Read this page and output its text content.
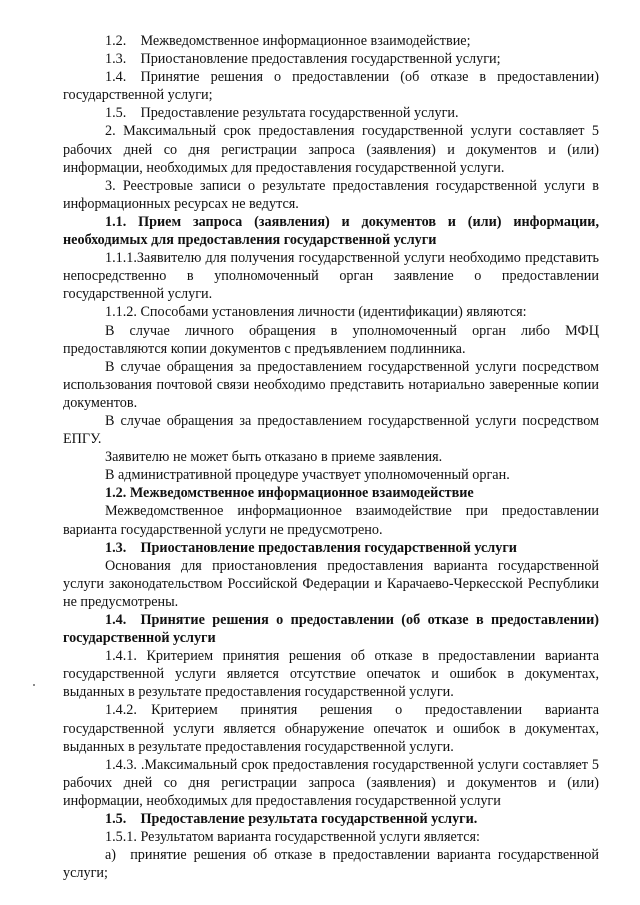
1.2. Межведомственное информационное взаимодействие;

1.3. Приостановление предоставления государственной услуги;

1.4. Принятие решения о предоставлении (об отказе в предоставлении) государственной услуги;

1.5. Предоставление результата государственной услуги.

2. Максимальный срок предоставления государственной услуги составляет 5 рабочих дней со дня регистрации запроса (заявления) и документов и (или) информации, необходимых для предоставления государственной услуги.

3. Реестровые записи о результате предоставления государственной услуги в информационных ресурсах не ведутся.

1.1. Прием запроса (заявления) и документов и (или) информации, необходимых для предоставления государственной услуги

1.1.1.Заявителю для получения государственной услуги необходимо представить непосредственно в уполномоченный орган заявление о предоставлении государственной услуги.

1.1.2. Способами установления личности (идентификации) являются:

В случае личного обращения в уполномоченный орган либо МФЦ предоставляются копии документов с предъявлением подлинника.

В случае обращения за предоставлением государственной услуги посредством использования почтовой связи необходимо представить нотариально заверенные копии документов.

В случае обращения за предоставлением государственной услуги посредством ЕПГУ.

Заявителю не может быть отказано в приеме заявления.

В административной процедуре участвует уполномоченный орган.

1.2. Межведомственное информационное взаимодействие

Межведомственное информационное взаимодействие при предоставлении варианта государственной услуги не предусмотрено.

1.3. Приостановление предоставления государственной услуги

Основания для приостановления предоставления варианта государственной услуги законодательством Российской Федерации и Карачаево-Черкесской Республики не предусмотрены.

1.4. Принятие решения о предоставлении (об отказе в предоставлении) государственной услуги

1.4.1. Критерием принятия решения об отказе в предоставлении варианта государственной услуги является отсутствие опечаток и ошибок в документах, выданных в результате предоставления государственной услуги.

1.4.2. Критерием принятия решения о предоставлении варианта государственной услуги является обнаружение опечаток и ошибок в документах, выданных в результате предоставления государственной услуги.

1.4.3. .Максимальный срок предоставления государственной услуги составляет 5 рабочих дней со дня регистрации запроса (заявления) и документов и (или) информации, необходимых для предоставления государственной услуги

1.5. Предоставление результата государственной услуги.

1.5.1. Результатом варианта государственной услуги является:

а) принятие решения об отказе в предоставлении варианта государственной услуги;
